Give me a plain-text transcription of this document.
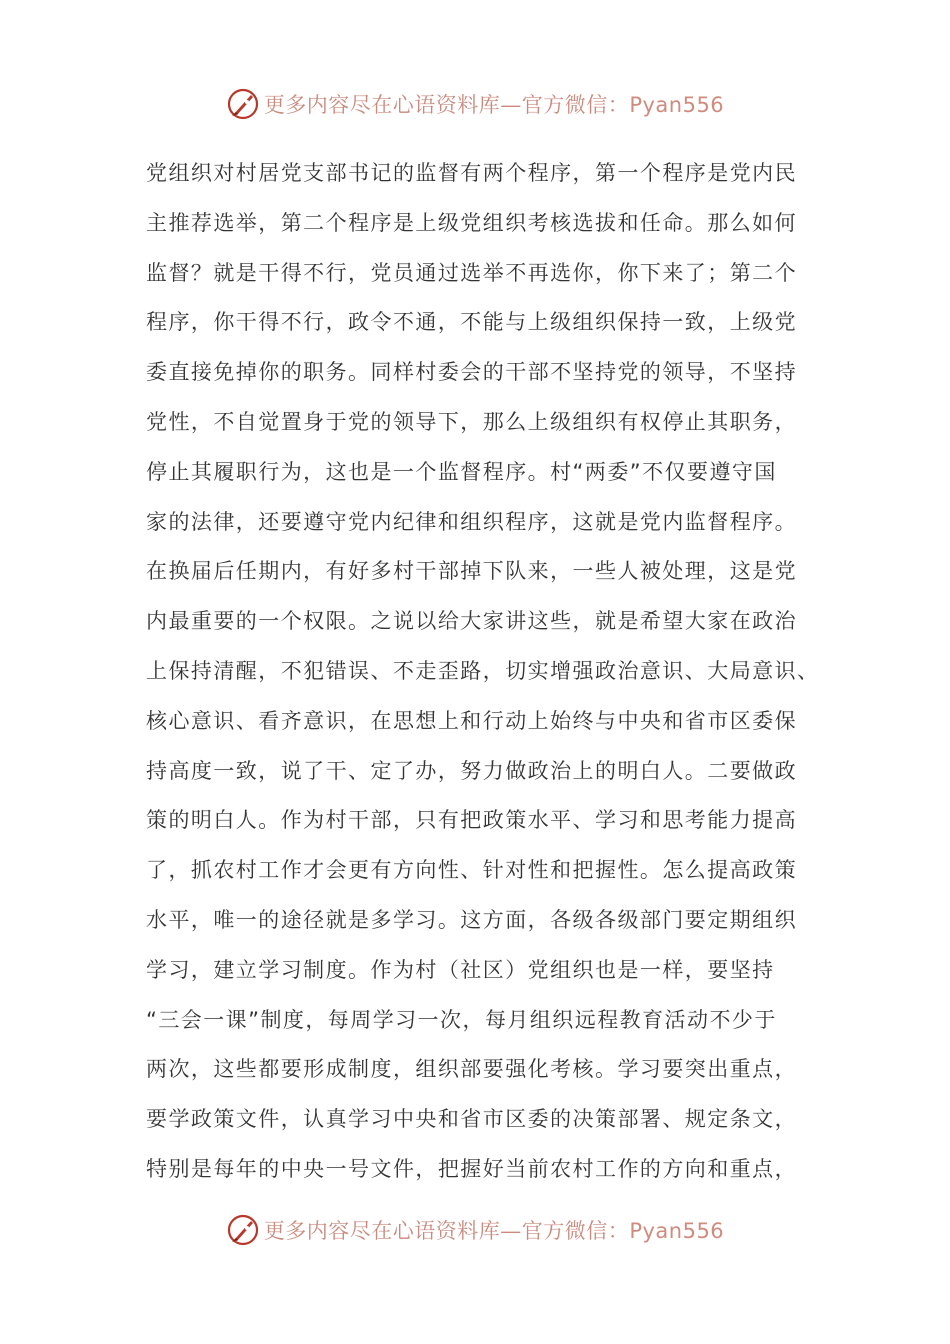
更多内容尽在心语资料库—官方微信：Pyan556
党组织对村居党支部书记的监督有两个程序，第一个程序是党内民
主推荐选举，第二个程序是上级党组织考核选拔和任命。那么如何
监督？就是干得不行，党员通过选举不再选你，你下来了；第二个
程序，你干得不行，政令不通，不能与上级组织保持一致，上级党
委直接免掉你的职务。同样村委会的干部不坚持党的领导，不坚持
党性，不自觉置身于党的领导下，那么上级组织有权停止其职务，
停止其履职行为，这也是一个监督程序。村“两委”不仅要遵守国
家的法律，还要遵守党内纪律和组织程序，这就是党内监督程序。
在换届后任期内，有好多村干部掉下队来，一些人被处理，这是党
内最重要的一个权限。之说以给大家讲这些，就是希望大家在政治
上保持清醒，不犯错误、不走歪路，切实增强政治意识、大局意识、
核心意识、看齐意识，在思想上和行动上始终与中央和省市区委保
持高度一致，说了干、定了办，努力做政治上的明白人。二要做政
策的明白人。作为村干部，只有把政策水平、学习和思考能力提高
了，抓农村工作才会更有方向性、针对性和把握性。怎么提高政策
水平，唯一的途径就是多学习。这方面，各级各级部门要定期组织
学习，建立学习制度。作为村（社区）党组织也是一样，要坚持
“三会一课”制度，每周学习一次，每月组织远程教育活动不少于
两次，这些都要形成制度，组织部要强化考核。学习要突出重点，
要学政策文件，认真学习中央和省市区委的决策部署、规定条文，
特别是每年的中央一号文件，把握好当前农村工作的方向和重点，
更多内容尽在心语资料库—官方微信：Pyan556
